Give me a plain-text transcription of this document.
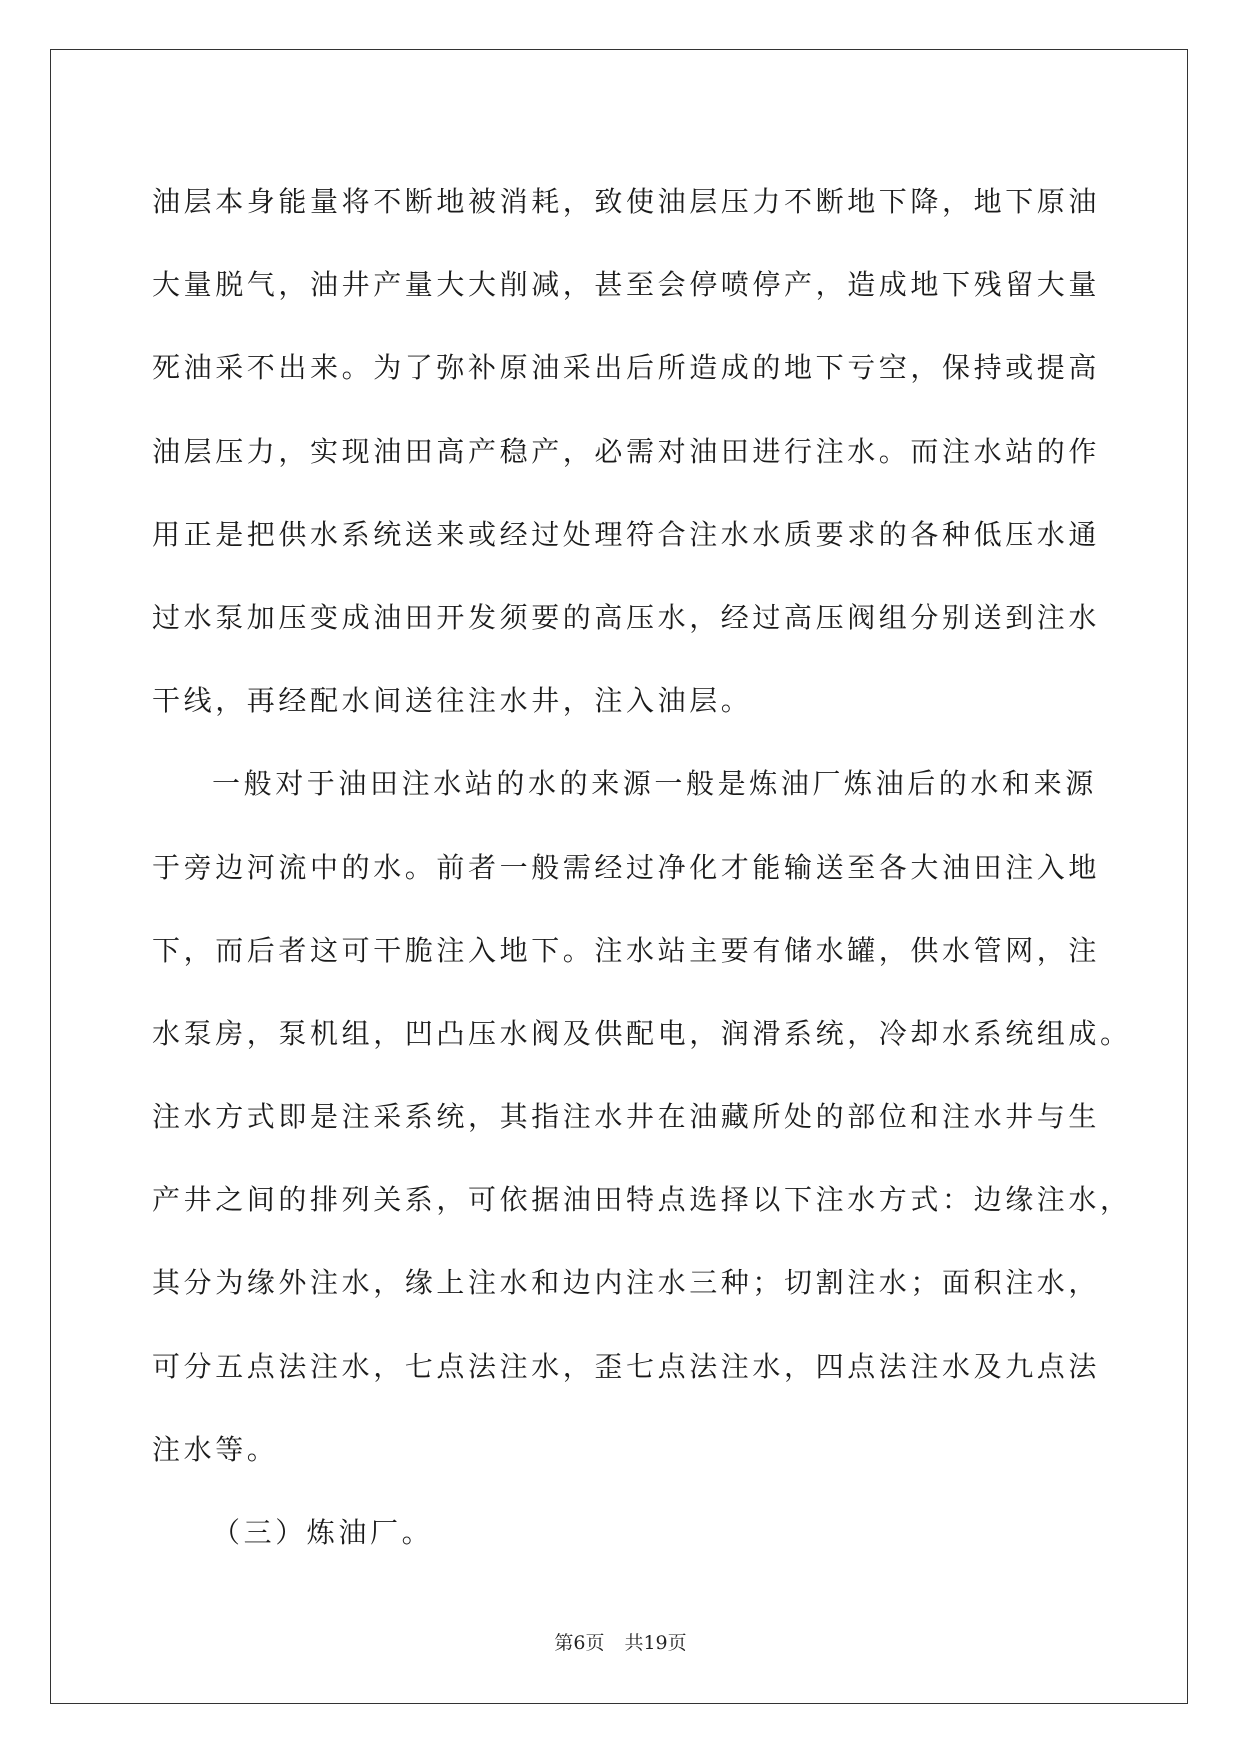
油层本身能量将不断地被消耗，致使油层压力不断地下降，地下原油
大量脱气，油井产量大大削减，甚至会停喷停产，造成地下残留大量
死油采不出来。为了弥补原油采出后所造成的地下亏空，保持或提高
油层压力，实现油田高产稳产，必需对油田进行注水。而注水站的作
用正是把供水系统送来或经过处理符合注水水质要求的各种低压水通
过水泵加压变成油田开发须要的高压水，经过高压阀组分别送到注水
干线，再经配水间送往注水井，注入油层。
一般对于油田注水站的水的来源一般是炼油厂炼油后的水和来源
于旁边河流中的水。前者一般需经过净化才能输送至各大油田注入地
下，而后者这可干脆注入地下。注水站主要有储水罐，供水管网，注
水泵房，泵机组，凹凸压水阀及供配电，润滑系统，冷却水系统组成。
注水方式即是注采系统，其指注水井在油藏所处的部位和注水井与生
产井之间的排列关系，可依据油田特点选择以下注水方式：边缘注水，
其分为缘外注水，缘上注水和边内注水三种；切割注水；面积注水，
可分五点法注水，七点法注水，歪七点法注水，四点法注水及九点法
注水等。
（三）炼油厂。
第6页 共19页
